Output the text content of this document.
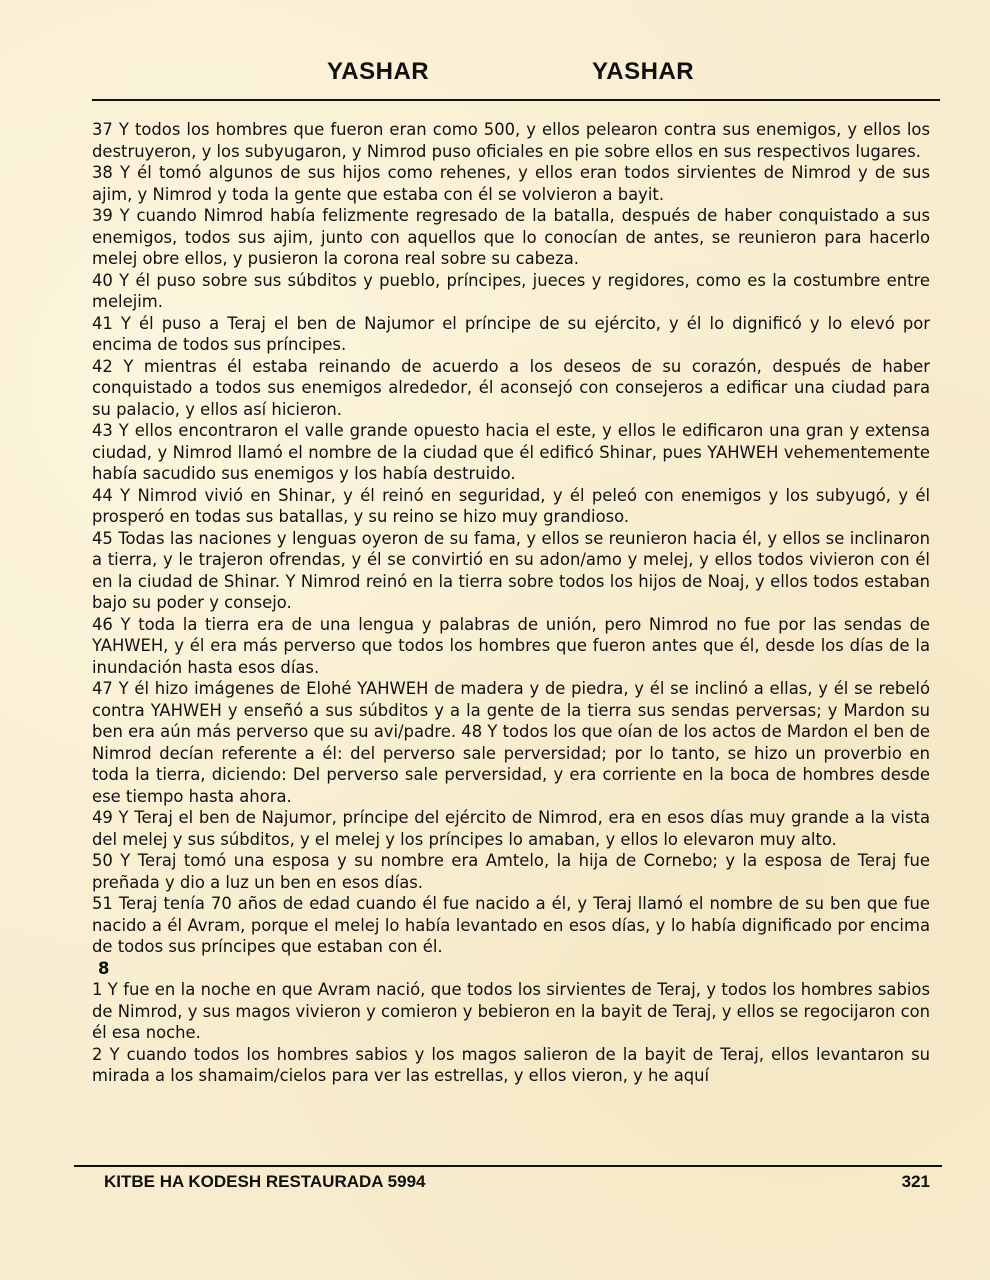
YASHAR	YASHAR

37 Y todos los hombres que fueron eran como 500, y ellos pelearon contra sus enemigos, y ellos los destruyeron, y los subyugaron, y Nimrod puso oficiales en pie sobre ellos en sus respectivos lugares.

38 Y él tomó algunos de sus hijos como rehenes, y ellos eran todos sirvientes de Nimrod y de sus ajim, y Nimrod y toda la gente que estaba con él se volvieron a bayit.

39 Y cuando Nimrod había felizmente regresado de la batalla, después de haber conquistado a sus enemigos, todos sus ajim, junto con aquellos que lo conocían de antes, se reunieron para hacerlo melej obre ellos, y pusieron la corona real sobre su cabeza.

40 Y él puso sobre sus súbditos y pueblo, príncipes, jueces y regidores, como es la costumbre entre melejim.

41 Y él puso a Teraj el ben de Najumor el príncipe de su ejército, y él lo dignificó y lo elevó por encima de todos sus príncipes.

42 Y mientras él estaba reinando de acuerdo a los deseos de su corazón, después de haber conquistado a todos sus enemigos alrededor, él aconsejó con consejeros a edificar una ciudad para su palacio, y ellos así hicieron.

43 Y ellos encontraron el valle grande opuesto hacia el este, y ellos le edificaron una gran y extensa ciudad, y Nimrod llamó el nombre de la ciudad que él edificó Shinar, pues YAHWEH vehementemente había sacudido sus enemigos y los había destruido.

44 Y Nimrod vivió en Shinar, y él reinó en seguridad, y él peleó con enemigos y los subyugó, y él prosperó en todas sus batallas, y su reino se hizo muy grandioso.

45 Todas las naciones y lenguas oyeron de su fama, y ellos se reunieron hacia él, y ellos se inclinaron a tierra, y le trajeron ofrendas, y él se convirtió en su adon/amo y melej, y ellos todos vivieron con él en la ciudad de Shinar. Y Nimrod reinó en la tierra sobre todos los hijos de Noaj, y ellos todos estaban bajo su poder y consejo.

46 Y toda la tierra era de una lengua y palabras de unión, pero Nimrod no fue por las sendas de YAHWEH, y él era más perverso que todos los hombres que fueron antes que él, desde los días de la inundación hasta esos días.

47 Y él hizo imágenes de Elohé YAHWEH de madera y de piedra, y él se inclinó a ellas, y él se rebeló contra YAHWEH y enseñó a sus súbditos y a la gente de la tierra sus sendas perversas; y Mardon su ben era aún más perverso que su avi/padre. 48 Y todos los que oían de los actos de Mardon el ben de Nimrod decían referente a él: del perverso sale perversidad; por lo tanto, se hizo un proverbio en toda la tierra, diciendo: Del perverso sale perversidad, y era corriente en la boca de hombres desde ese tiempo hasta ahora.

49 Y Teraj el ben de Najumor, príncipe del ejército de Nimrod, era en esos días muy grande a la vista del melej y sus súbditos, y el melej y los príncipes lo amaban, y ellos lo elevaron muy alto.

50 Y Teraj tomó una esposa y su nombre era Amtelo, la hija de Cornebo; y la esposa de Teraj fue preñada y dio a luz un ben en esos días.

51 Teraj tenía 70 años de edad cuando él fue nacido a él, y Teraj llamó el nombre de su ben que fue nacido a él Avram, porque el melej lo había levantado en esos días, y lo había dignificado por encima de todos sus príncipes que estaban con él.

8

1 Y fue en la noche en que Avram nació, que todos los sirvientes de Teraj, y todos los hombres sabios de Nimrod, y sus magos vivieron y comieron y bebieron en la bayit de Teraj, y ellos se regocijaron con él esa noche.

2 Y cuando todos los hombres sabios y los magos salieron de la bayit de Teraj, ellos levantaron su mirada a los shamaim/cielos para ver las estrellas, y ellos vieron, y he aquí

KITBE HA KODESH RESTAURADA 5994	321
